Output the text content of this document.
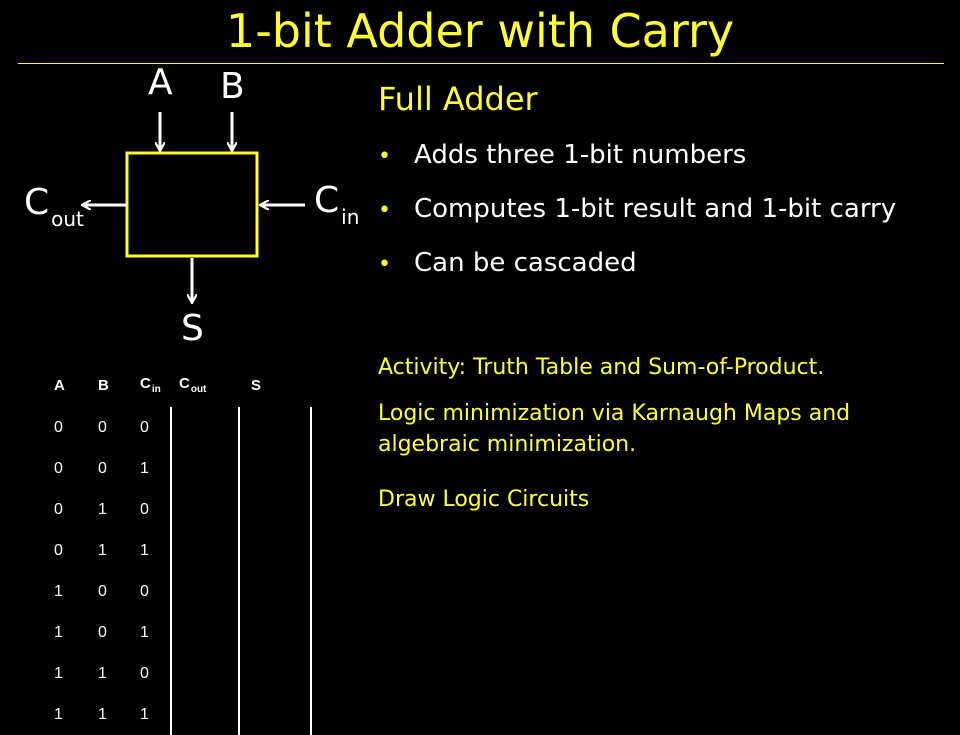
1-bit Adder with Carry
A B
Cin
Cout
S
Full Adder
• Adds three 1-bit numbers
• Computes 1-bit result and 1-bit carry
• Can be cascaded
Activity: Truth Table and Sum-of-Product.
Logic minimization via Karnaugh Maps and algebraic minimization.
Draw Logic Circuits
A	B	$C_{in}$	$C_{out}$	S
0	0	0		
0	0	1		
0	1	0		
0	1	1		
1	0	0		
1	0	1		
1	1	0		
1	1	1		
